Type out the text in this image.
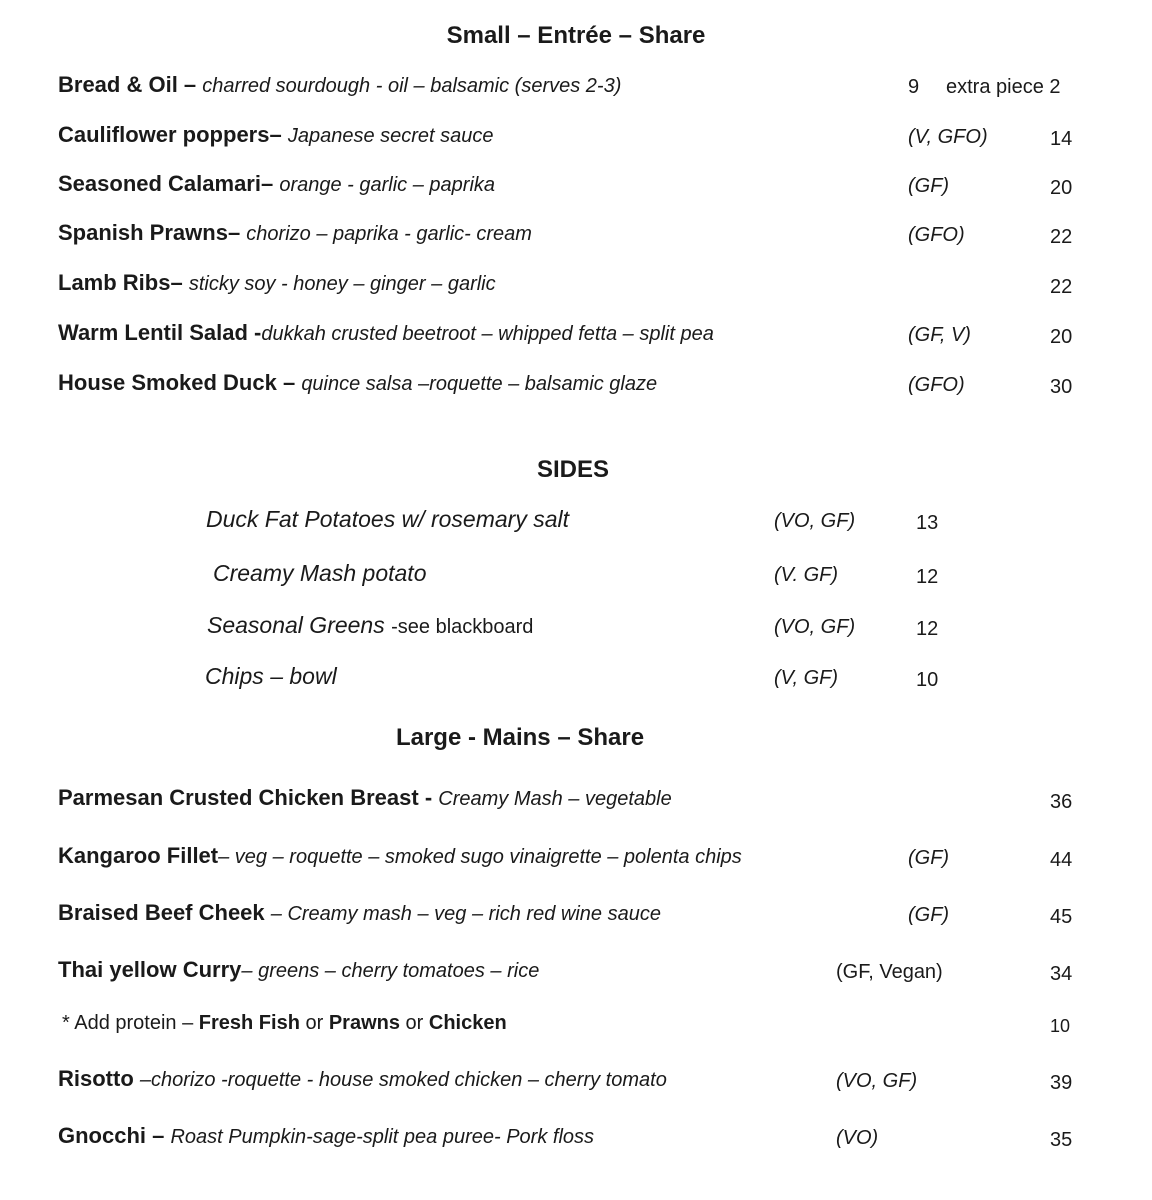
Small – Entrée – Share
Bread & Oil – charred sourdough - oil – balsamic (serves 2-3)	9 extra piece 2
Cauliflower poppers– Japanese secret sauce	(V, GFO)	14
Seasoned Calamari– orange - garlic – paprika	(GF)	20
Spanish Prawns– chorizo – paprika - garlic- cream	(GFO)	22
Lamb Ribs– sticky soy - honey – ginger – garlic	22
Warm Lentil Salad -dukkah crusted beetroot – whipped fetta – split pea	(GF, V)	20
House Smoked Duck – quince salsa –roquette – balsamic glaze	(GFO)	30
SIDES
Duck Fat Potatoes w/ rosemary salt	(VO, GF)	13
Creamy Mash potato	(V. GF)	12
Seasonal Greens -see blackboard	(VO, GF)	12
Chips – bowl	(V, GF)	10
Large - Mains – Share
Parmesan Crusted Chicken Breast - Creamy Mash – vegetable	36
Kangaroo Fillet– veg – roquette – smoked sugo vinaigrette – polenta chips	(GF)	44
Braised Beef Cheek – Creamy mash – veg – rich red wine sauce	(GF)	45
Thai yellow Curry– greens – cherry tomatoes – rice	(GF, Vegan)	34
* Add protein – Fresh Fish or Prawns or Chicken	10
Risotto –chorizo -roquette - house smoked chicken – cherry tomato	(VO, GF)	39
Gnocchi – Roast Pumpkin-sage-split pea puree- Pork floss	(VO)	35
